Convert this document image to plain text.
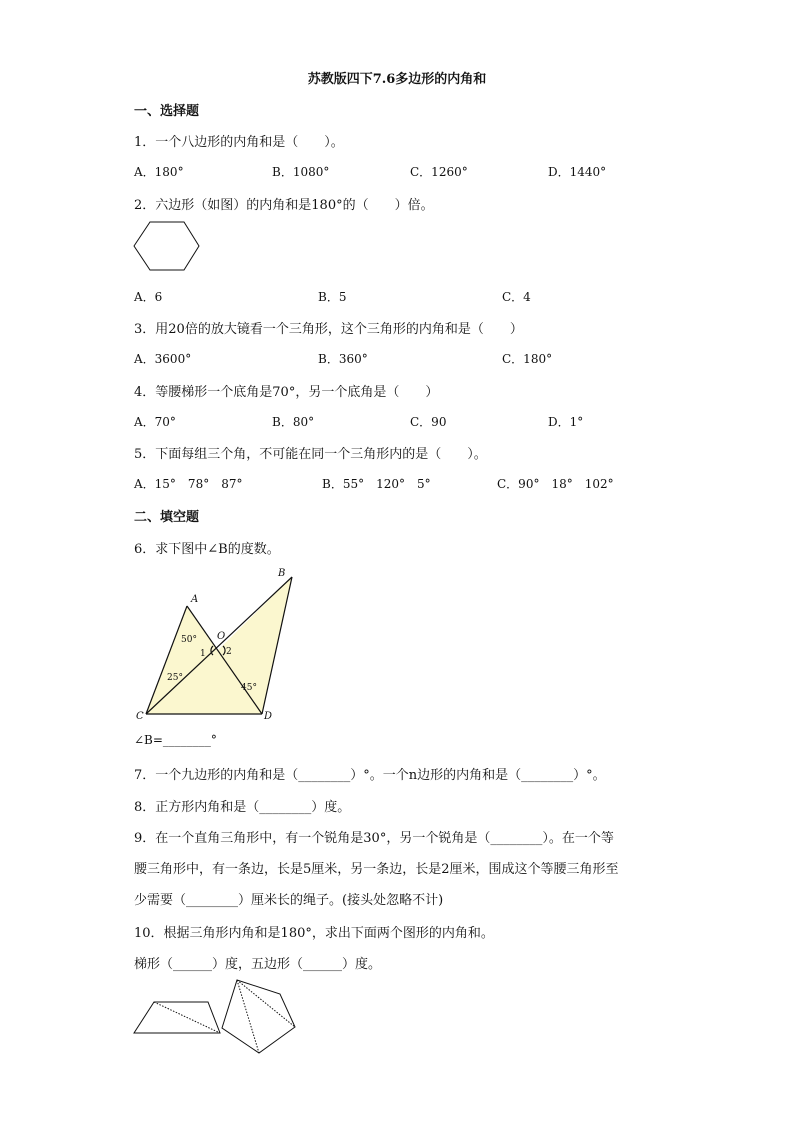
苏教版四下7.6多边形的内角和
一、选择题
1．一个八边形的内角和是（　　）。
A．180°	B．1080°	C．1260°	D．1440°
2．六边形（如图）的内角和是180°的（　　）倍。
A．6	B．5	C．4
3．用20倍的放大镜看一个三角形，这个三角形的内角和是（　　）
A．3600°	B．360°	C．180°
4．等腰梯形一个底角是70°，另一个底角是（　　）
A．70°	B．80°	C．90	D．1°
5．下面每组三个角，不可能在同一个三角形内的是（　　）。
A．15°　78°　87°	B．55°　120°　5°	C．90°　18°　102°
二、填空题
6．求下图中∠B的度数。
A
B
C	D
O
50°
25°
45°
1 2
∠B=________°
7．一个九边形的内角和是（________）°。一个n边形的内角和是（________）°。
8．正方形内角和是（________）度。
9．在一个直角三角形中，有一个锐角是30°，另一个锐角是（________）。在一个等
腰三角形中，有一条边，长是5厘米，另一条边，长是2厘米，围成这个等腰三角形至
少需要（________）厘米长的绳子。(接头处忽略不计)
10．根据三角形内角和是180°，求出下面两个图形的内角和。
梯形（______）度，五边形（______）度。
